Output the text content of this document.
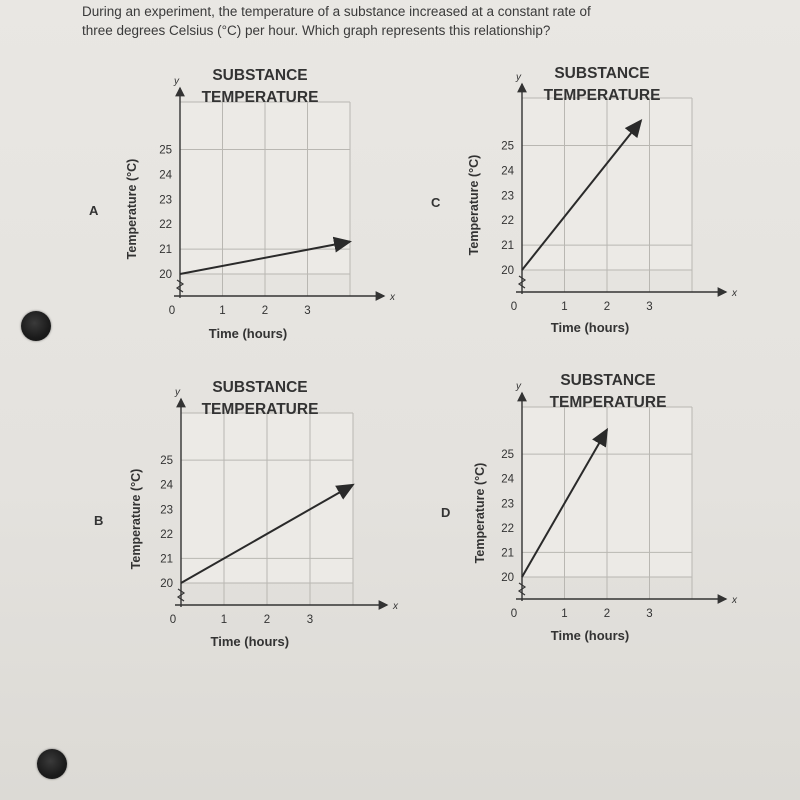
During an experiment, the temperature of a substance increased at a constant rate of
three degrees Celsius (°C) per hour. Which graph represents this relationship?
A
C
B
D
y
x
20
21
22
23
24
25
0	1	2	3
SUBSTANCE
TEMPERATURE
Time (hours)
Temperature (°C)
y
x
20
21
22
23
24
25
0	1	2	3
SUBSTANCE
TEMPERATURE
Time (hours)
Temperature (°C)
y
x
20
21
22
23
24
25
0	1	2	3
SUBSTANCE
TEMPERATURE
Time (hours)
Temperature (°C)
y
x
20
21
22
23
24
25
0	1	2	3
SUBSTANCE
TEMPERATURE
Time (hours)
Temperature (°C)
